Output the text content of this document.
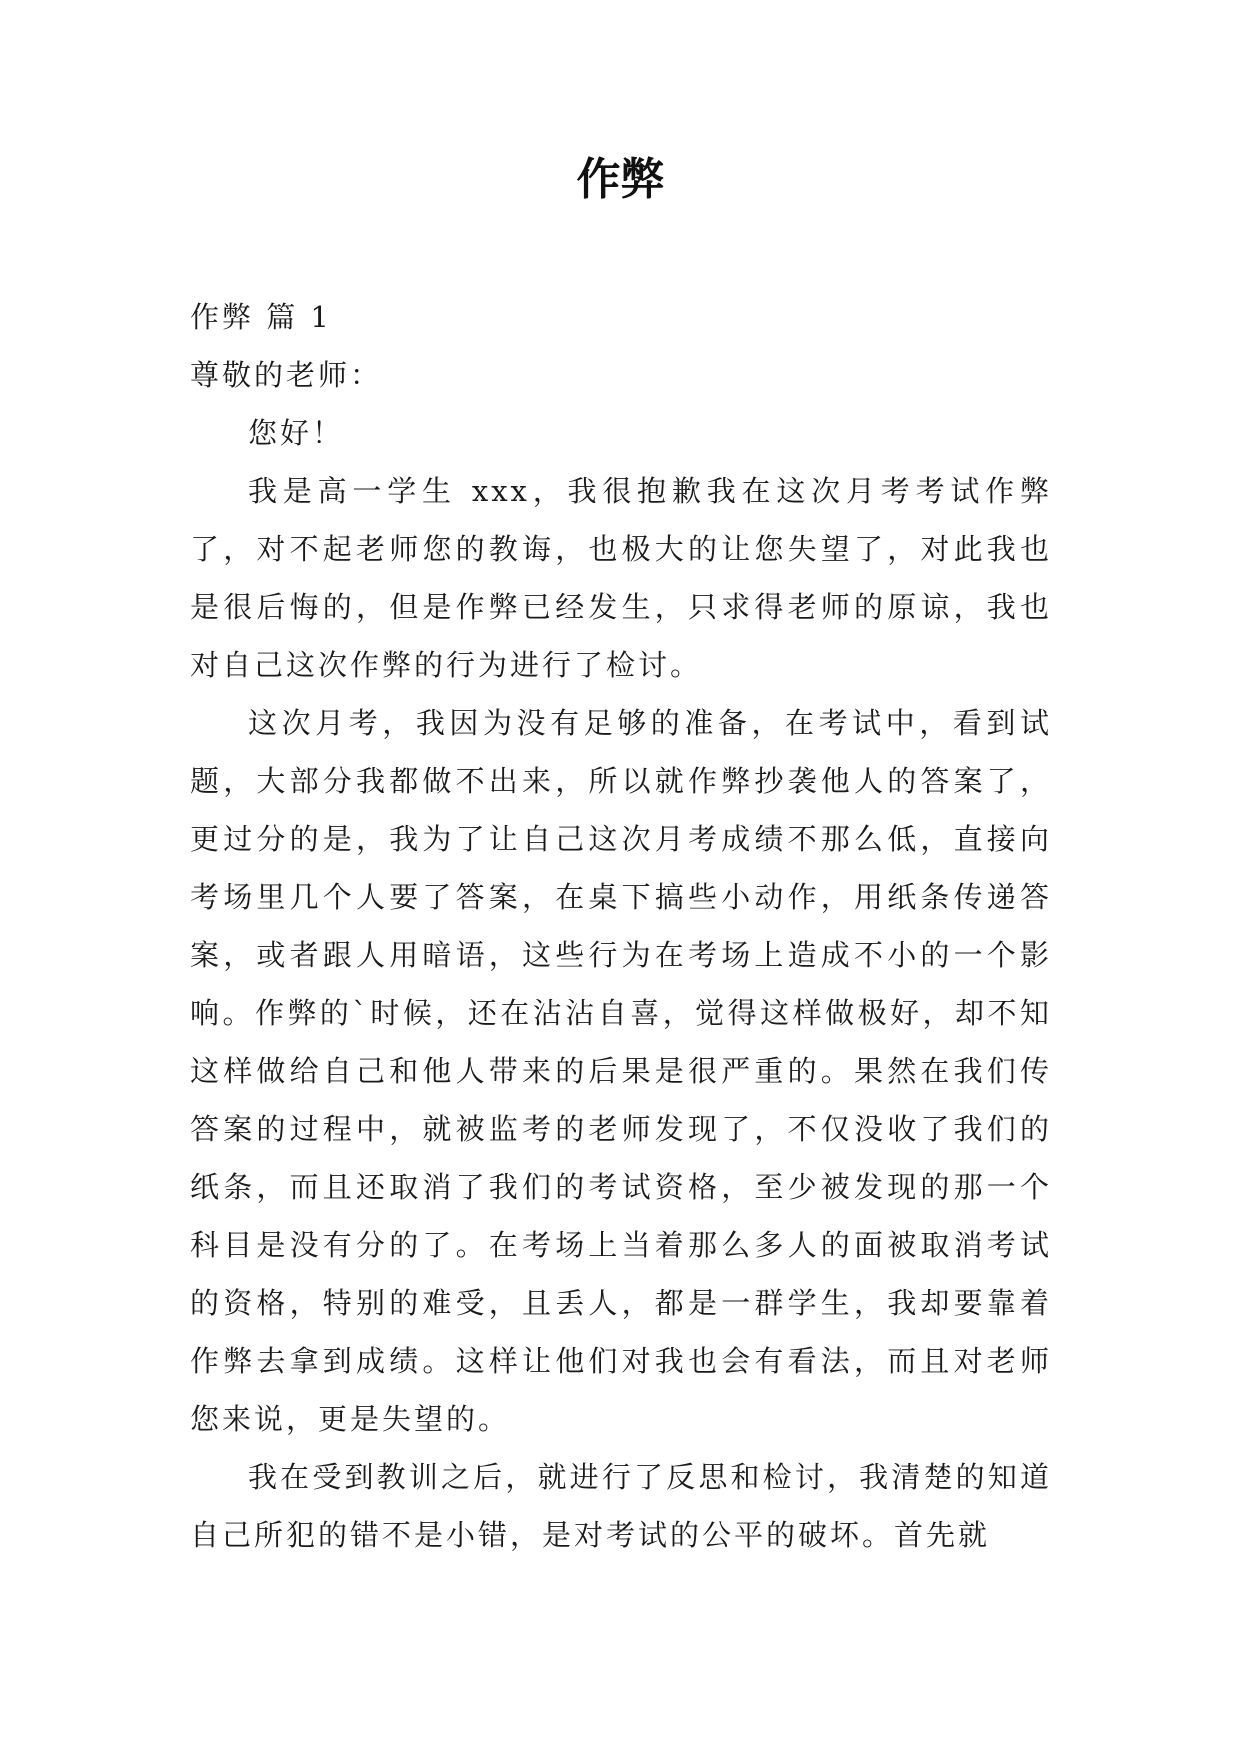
作弊

作弊 篇 1

尊敬的老师：

您好！

我是高一学生 xxx，我很抱歉我在这次月考考试作弊了，对不起老师您的教诲，也极大的让您失望了，对此我也是很后悔的，但是作弊已经发生，只求得老师的原谅，我也对自己这次作弊的行为进行了检讨。

这次月考，我因为没有足够的准备，在考试中，看到试题，大部分我都做不出来，所以就作弊抄袭他人的答案了，更过分的是，我为了让自己这次月考成绩不那么低，直接向考场里几个人要了答案，在桌下搞些小动作，用纸条传递答案，或者跟人用暗语，这些行为在考场上造成不小的一个影响。作弊的`时候，还在沾沾自喜，觉得这样做极好，却不知这样做给自己和他人带来的后果是很严重的。果然在我们传答案的过程中，就被监考的老师发现了，不仅没收了我们的纸条，而且还取消了我们的考试资格，至少被发现的那一个科目是没有分的了。在考场上当着那么多人的面被取消考试的资格，特别的难受，且丢人，都是一群学生，我却要靠着作弊去拿到成绩。这样让他们对我也会有看法，而且对老师您来说，更是失望的。

我在受到教训之后，就进行了反思和检讨，我清楚的知道自己所犯的错不是小错，是对考试的公平的破坏。首先就
